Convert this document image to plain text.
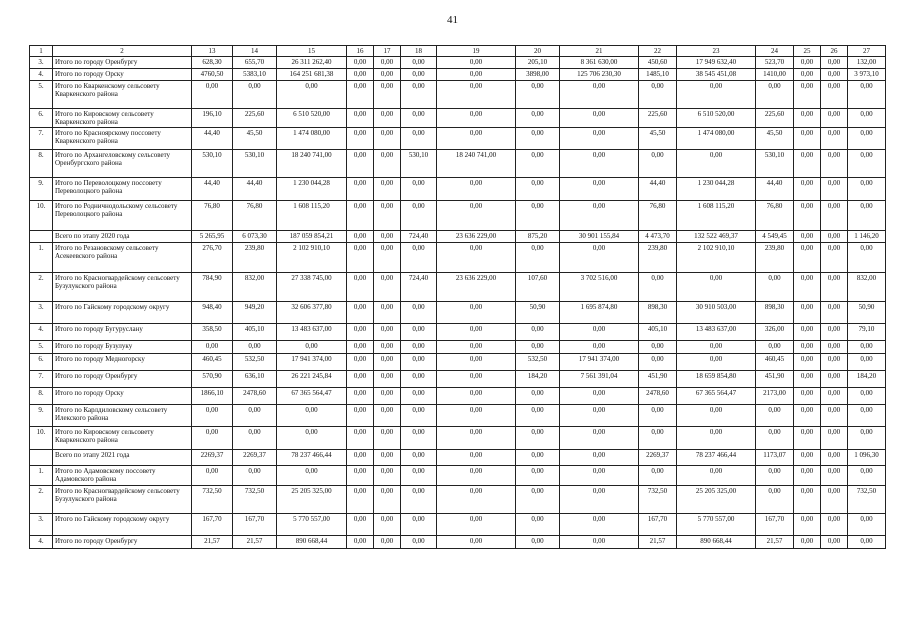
41
1	2	13	14	15	16	17	18	19	20	21	22	23	24	25	26	27
3.	Итого по городу Оренбургу	628,30	655,70	26 311 262,40	0,00	0,00	0,00	0,00	205,10	8 361 630,00	450,60	17 949 632,40	523,70	0,00	0,00	132,00
4.	Итого по городу Орску	4760,50	5383,10	164 251 681,38	0,00	0,00	0,00	0,00	3898,00	125 706 230,30	1485,10	38 545 451,08	1410,00	0,00	0,00	3 973,10
5.	Итого по Кваркенскому сельсовету Кваркенского района	0,00	0,00	0,00	0,00	0,00	0,00	0,00	0,00	0,00	0,00	0,00	0,00	0,00	0,00	0,00
6.	Итого по Кировскому сельсовету Кваркенского района	196,10	225,60	6 510 520,00	0,00	0,00	0,00	0,00	0,00	0,00	225,60	6 510 520,00	225,60	0,00	0,00	0,00
7.	Итого по Красноярскому поссовету Кваркенского района	44,40	45,50	1 474 080,00	0,00	0,00	0,00	0,00	0,00	0,00	45,50	1 474 080,00	45,50	0,00	0,00	0,00
8.	Итого по Архангеловскому сельсовету Оренбургского района	530,10	530,10	18 240 741,00	0,00	0,00	530,10	18 240 741,00	0,00	0,00	0,00	0,00	530,10	0,00	0,00	0,00
9.	Итого по Переволоцкому поссовету Переволоцкого района	44,40	44,40	1 230 044,28	0,00	0,00	0,00	0,00	0,00	0,00	44,40	1 230 044,28	44,40	0,00	0,00	0,00
10.	Итого по Родничнодольскому сельсовету Переволоцкого района	76,80	76,80	1 608 115,20	0,00	0,00	0,00	0,00	0,00	0,00	76,80	1 608 115,20	76,80	0,00	0,00	0,00
	Всего по этапу 2020 года	5 265,95	6 073,30	187 059 854,21	0,00	0,00	724,40	23 636 229,00	875,20	30 901 155,84	4 473,70	132 522 469,37	4 549,45	0,00	0,00	1 146,20
1.	Итого по Резановскому сельсовету Асекеевского района	276,70	239,80	2 102 910,10	0,00	0,00	0,00	0,00	0,00	0,00	239,80	2 102 910,10	239,80	0,00	0,00	0,00
2.	Итого по Красногвардейскому сельсовету Бузулукского района	784,90	832,00	27 338 745,00	0,00	0,00	724,40	23 636 229,00	107,60	3 702 516,00	0,00	0,00	0,00	0,00	0,00	832,00
3.	Итого по Гайскому городскому округу	948,40	949,20	32 606 377,80	0,00	0,00	0,00	0,00	50,90	1 695 874,80	898,30	30 910 503,00	898,30	0,00	0,00	50,90
4.	Итого по городу Бугуруслану	358,50	405,10	13 483 637,00	0,00	0,00	0,00	0,00	0,00	0,00	405,10	13 483 637,00	326,00	0,00	0,00	79,10
5.	Итого по городу Бузулуку	0,00	0,00	0,00	0,00	0,00	0,00	0,00	0,00	0,00	0,00	0,00	0,00	0,00	0,00	0,00
6.	Итого по городу Медногорску	460,45	532,50	17 941 374,00	0,00	0,00	0,00	0,00	532,50	17 941 374,00	0,00	0,00	460,45	0,00	0,00	0,00
7.	Итого по городу Оренбургу	570,90	636,10	26 221 245,84	0,00	0,00	0,00	0,00	184,20	7 561 391,04	451,90	18 659 854,80	451,90	0,00	0,00	184,20
8.	Итого по городу Орску	1866,10	2478,60	67 365 564,47	0,00	0,00	0,00	0,00	0,00	0,00	2478,60	67 365 564,47	2173,00	0,00	0,00	0,00
9.	Итого по Карлдиловскому сельсовету Илекского района	0,00	0,00	0,00	0,00	0,00	0,00	0,00	0,00	0,00	0,00	0,00	0,00	0,00	0,00	0,00
10.	Итого по Кировскому сельсовету Кваркенского района	0,00	0,00	0,00	0,00	0,00	0,00	0,00	0,00	0,00	0,00	0,00	0,00	0,00	0,00	0,00
	Всего по этапу 2021 года	2269,37	2269,37	78 237 466,44	0,00	0,00	0,00	0,00	0,00	0,00	2269,37	78 237 466,44	1173,07	0,00	0,00	1 096,30
1.	Итого по Адамовскому поссовету Адамовского района	0,00	0,00	0,00	0,00	0,00	0,00	0,00	0,00	0,00	0,00	0,00	0,00	0,00	0,00	0,00
2.	Итого по Красногвардейскому сельсовету Бузулукского района	732,50	732,50	25 205 325,00	0,00	0,00	0,00	0,00	0,00	0,00	732,50	25 205 325,00	0,00	0,00	0,00	732,50
3.	Итого по Гайскому городскому округу	167,70	167,70	5 770 557,00	0,00	0,00	0,00	0,00	0,00	0,00	167,70	5 770 557,00	167,70	0,00	0,00	0,00
4.	Итого по городу Оренбургу	21,57	21,57	890 668,44	0,00	0,00	0,00	0,00	0,00	0,00	21,57	890 668,44	21,57	0,00	0,00	0,00
